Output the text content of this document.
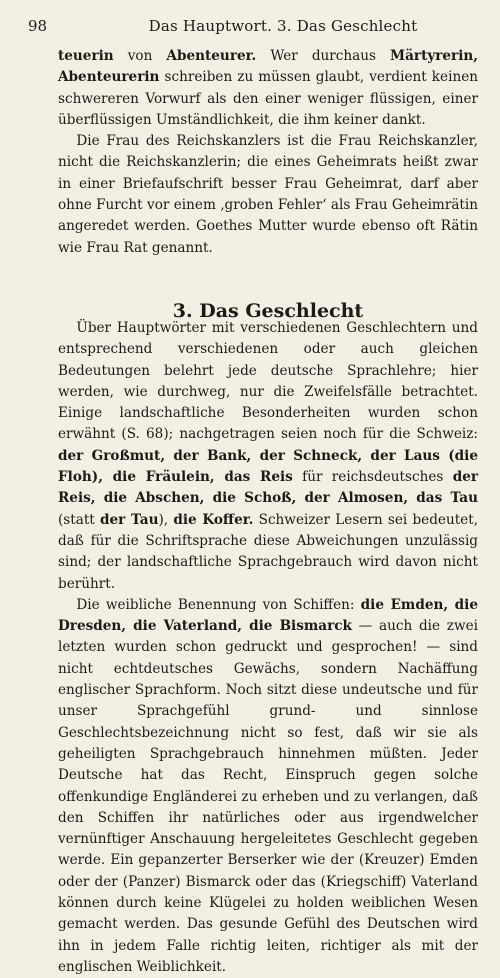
98	Das Hauptwort. 3. Das Geschlecht

teuerin von Abenteurer. Wer durchaus Märtyrerin, Abenteurerin schreiben zu müssen glaubt, verdient keinen schwereren Vorwurf als den einer weniger flüssigen, einer überflüssigen Umständlichkeit, die ihm keiner dankt.

Die Frau des Reichskanzlers ist die Frau Reichskanzler, nicht die Reichskanzlerin; die eines Geheimrats heißt zwar in einer Briefaufschrift besser Frau Geheimrat, darf aber ohne Furcht vor einem ‚groben Fehler‘ als Frau Geheimrätin angeredet werden. Goethes Mutter wurde ebenso oft Rätin wie Frau Rat genannt.

3. Das Geschlecht

Über Hauptwörter mit verschiedenen Geschlechtern und entsprechend verschiedenen oder auch gleichen Bedeutungen belehrt jede deutsche Sprachlehre; hier werden, wie durchweg, nur die Zweifelsfälle betrachtet. Einige landschaftliche Besonderheiten wurden schon erwähnt (S. 68); nachgetragen seien noch für die Schweiz: der Großmut, der Bank, der Schneck, der Laus (die Floh), die Fräulein, das Reis für reichsdeutsches der Reis, die Abschen, die Schoß, der Almosen, das Tau (statt der Tau), die Koffer. Schweizer Lesern sei bedeutet, daß für die Schriftsprache diese Abweichungen unzulässig sind; der landschaftliche Sprachgebrauch wird davon nicht berührt.

Die weibliche Benennung von Schiffen: die Emden, die Dresden, die Vaterland, die Bismarck — auch die zwei letzten wurden schon gedruckt und gesprochen! — sind nicht echtdeutsches Gewächs, sondern Nachäffung englischer Sprachform. Noch sitzt diese undeutsche und für unser Sprachgefühl grund- und sinnlose Geschlechtsbezeichnung nicht so fest, daß wir sie als geheiligten Sprachgebrauch hinnehmen müßten. Jeder Deutsche hat das Recht, Einspruch gegen solche offenkundige Engländerei zu erheben und zu verlangen, daß den Schiffen ihr natürliches oder aus irgendwelcher vernünftiger Anschauung hergeleitetes Geschlecht gegeben werde. Ein gepanzerter Berserker wie der (Kreuzer) Emden oder der (Panzer) Bismarck oder das (Kriegschiff) Vaterland können durch keine Klügelei zu holden weiblichen Wesen gemacht werden. Das gesunde Gefühl des Deutschen wird ihn in jedem Falle richtig leiten, richtiger als mit der englischen Weiblichkeit.
